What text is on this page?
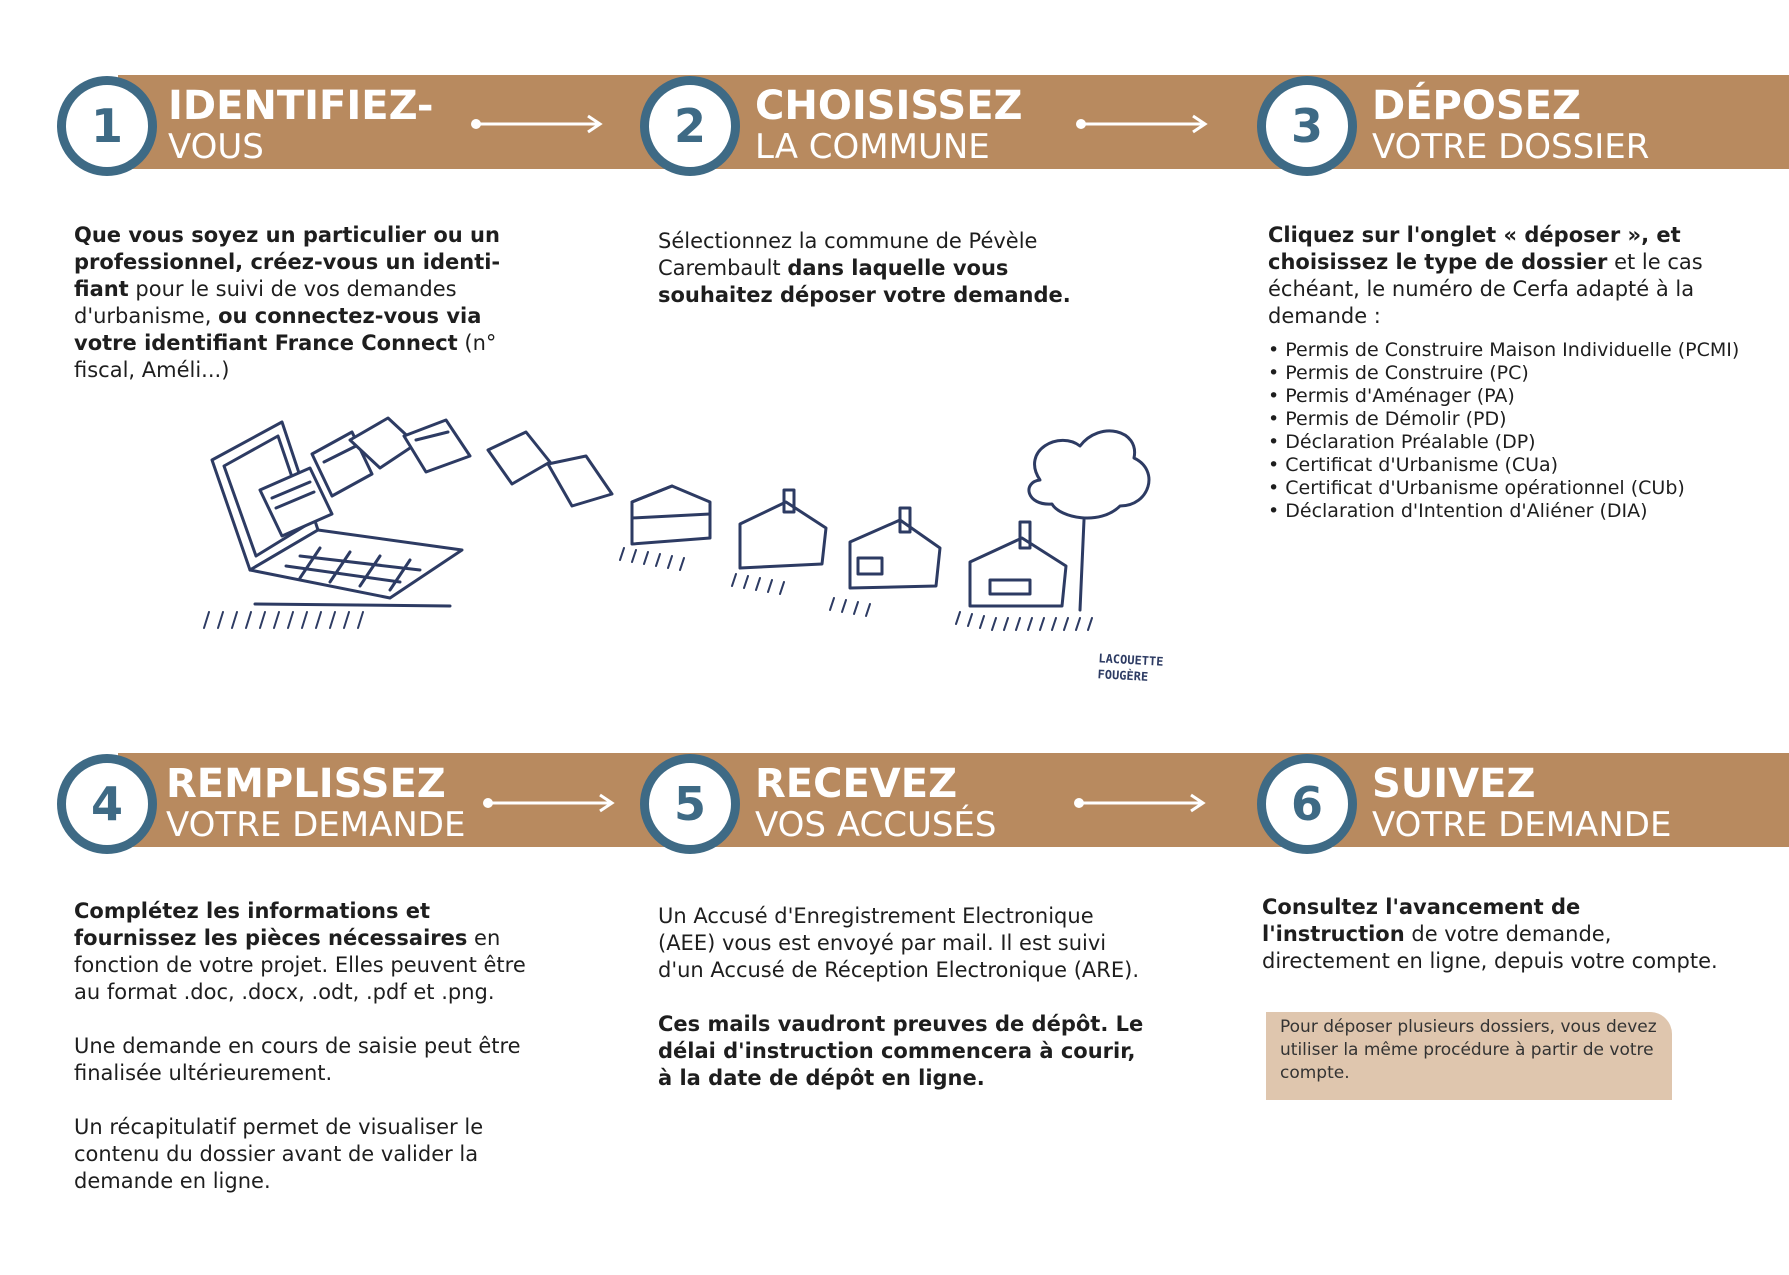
1	IDENTIFIEZ-
VOUS	2	CHOISISSEZ
LA COMMUNE	3	DÉPOSEZ
VOTRE DOSSIER
4	REMPLISSEZ
VOTRE DEMANDE	5	RECEVEZ
VOS ACCUSÉS	6	SUIVEZ
VOTRE DEMANDE
Que vous soyez un particulier ou un professionnel, créez-vous un identi-fiant pour le suivi de vos demandes d'urbanisme, ou connectez-vous via votre identifiant France Connect (n° fiscal, Améli...)
Sélectionnez la commune de Pévèle Carembault dans laquelle vous souhaitez déposer votre demande.
Cliquez sur l'onglet « déposer », et choisissez le type de dossier et le cas échéant, le numéro de Cerfa adapté à la demande :
• Permis de Construire Maison Individuelle (PCMI)
• Permis de Construire (PC)
• Permis d'Aménager (PA)
• Permis de Démolir (PD)
• Déclaration Préalable (DP)
• Certificat d'Urbanisme (CUa)
• Certificat d'Urbanisme opérationnel (CUb)
• Déclaration d'Intention d'Aliéner (DIA)

Complétez les informations et fournissez les pièces nécessaires en fonction de votre projet. Elles peuvent être au format .doc, .docx, .odt, .pdf et .png.

Une demande en cours de saisie peut être finalisée ultérieurement.

Un récapitulatif permet de visualiser le contenu du dossier avant de valider la demande en ligne.

Un Accusé d'Enregistrement Electronique (AEE) vous est envoyé par mail. Il est suivi d'un Accusé de Réception Electronique (ARE).

Ces mails vaudront preuves de dépôt. Le délai d'instruction commencera à courir, à la date de dépôt en ligne.

Consultez l'avancement de l'instruction de votre demande, directement en ligne, depuis votre compte.
Pour déposer plusieurs dossiers, vous devez utiliser la même procédure à partir de votre compte.
LACOUETTE
FOUGÈRE
